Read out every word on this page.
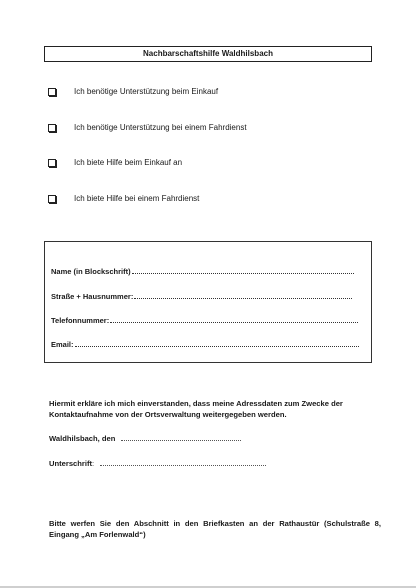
Nachbarschaftshilfe Waldhilsbach
Ich benötige Unterstützung beim Einkauf
Ich benötige Unterstützung bei einem Fahrdienst
Ich biete Hilfe beim Einkauf an
Ich biete Hilfe bei einem Fahrdienst
Name (in Blockschrift)
Straße + Hausnummer:
Telefonnummer:
Email:
Hiermit erkläre ich mich einverstanden, dass meine Adressdaten zum Zwecke der Kontaktaufnahme von der Ortsverwaltung weitergegeben werden.
Waldhilsbach, den
Unterschrift:
Bitte werfen Sie den Abschnitt in den Briefkasten an der Rathaustür (Schulstraße 8, Eingang „Am Forlenwald“)
